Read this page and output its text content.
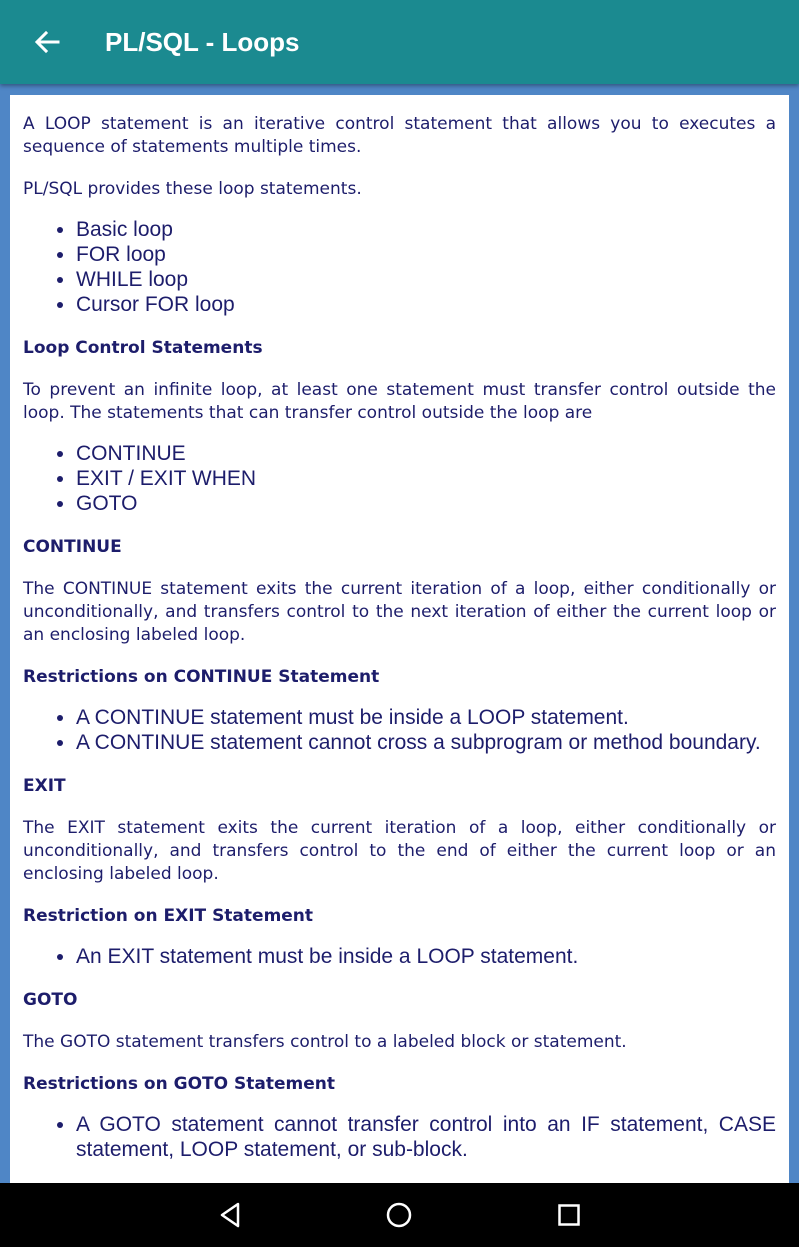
PL/SQL - Loops

A LOOP statement is an iterative control statement that allows you to executes a sequence of statements multiple times.

PL/SQL provides these loop statements.

• Basic loop
• FOR loop
• WHILE loop
• Cursor FOR loop
Loop Control Statements

To prevent an infinite loop, at least one statement must transfer control outside the loop. The statements that can transfer control outside the loop are

• CONTINUE
• EXIT / EXIT WHEN
• GOTO
CONTINUE

The CONTINUE statement exits the current iteration of a loop, either conditionally or unconditionally, and transfers control to the next iteration of either the current loop or an enclosing labeled loop.

Restrictions on CONTINUE Statement
• A CONTINUE statement must be inside a LOOP statement.
• A CONTINUE statement cannot cross a subprogram or method boundary.
EXIT

The EXIT statement exits the current iteration of a loop, either conditionally or unconditionally, and transfers control to the end of either the current loop or an enclosing labeled loop.

Restriction on EXIT Statement
• An EXIT statement must be inside a LOOP statement.
GOTO

The GOTO statement transfers control to a labeled block or statement.

Restrictions on GOTO Statement
• A GOTO statement cannot transfer control into an IF statement, CASE statement, LOOP statement, or sub-block.
